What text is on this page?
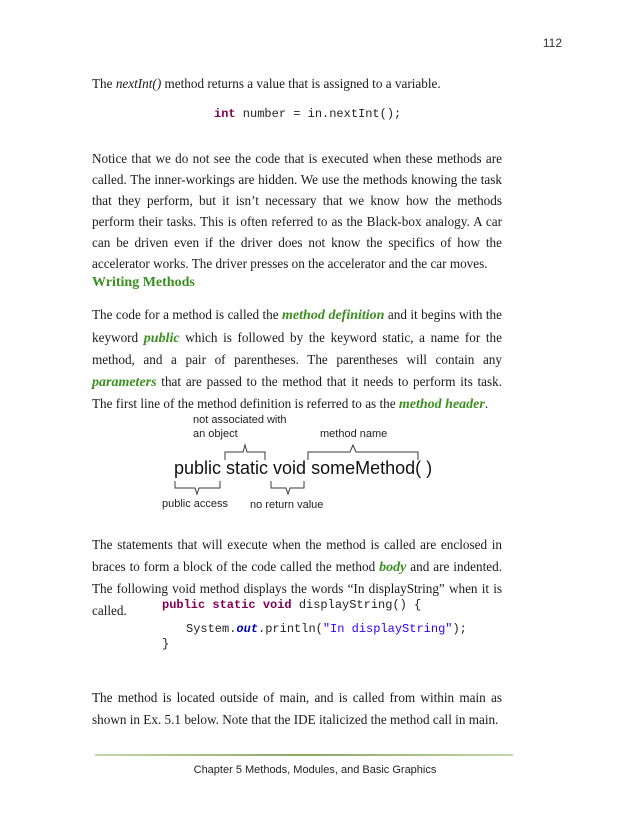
112
The nextInt() method returns a value that is assigned to a variable.
int number = in.nextInt();
Notice that we do not see the code that is executed when these methods are called. The inner-workings are hidden. We use the methods knowing the task that they perform, but it isn’t necessary that we know how the methods perform their tasks. This is often referred to as the Black-box analogy. A car can be driven even if the driver does not know the specifics of how the accelerator works. The driver presses on the accelerator and the car moves.
Writing Methods
The code for a method is called the method definition and it begins with the keyword public which is followed by the keyword static, a name for the method, and a pair of parentheses. The parentheses will contain any parameters that are passed to the method that it needs to perform its task. The first line of the method definition is referred to as the method header.
not associated with
an object	method name
public static void someMethod( )
public access no return value
The statements that will execute when the method is called are enclosed in braces to form a block of the code called the method body and are indented. The following void method displays the words “In displayString” when it is called.	public static void displayString() {
System.out.println("In displayString");
}
The method is located outside of main, and is called from within main as shown in Ex. 5.1 below. Note that the IDE italicized the method call in main.
Chapter 5 Methods, Modules, and Basic Graphics
